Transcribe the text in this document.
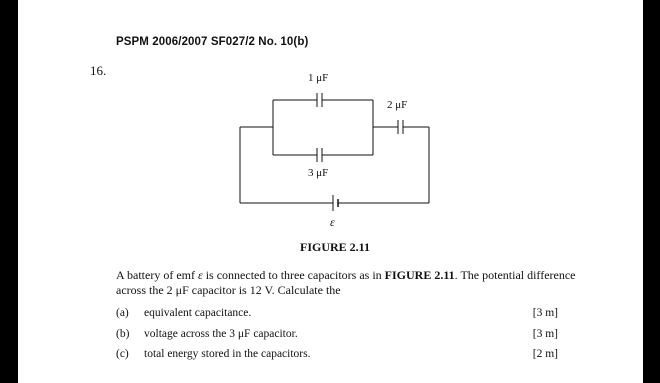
PSPM 2006/2007 SF027/2 No. 10(b)
16.	1 μF
2 μF
3 μF
ε
FIGURE 2.11
A battery of emf ε is connected to three capacitors as in FIGURE 2.11. The potential difference across the 2 μF capacitor is 12 V. Calculate the
(a) equivalent capacitance.	[3 m]
(b) voltage across the 3 μF capacitor.	[3 m]
(c) total energy stored in the capacitors.	[2 m]
